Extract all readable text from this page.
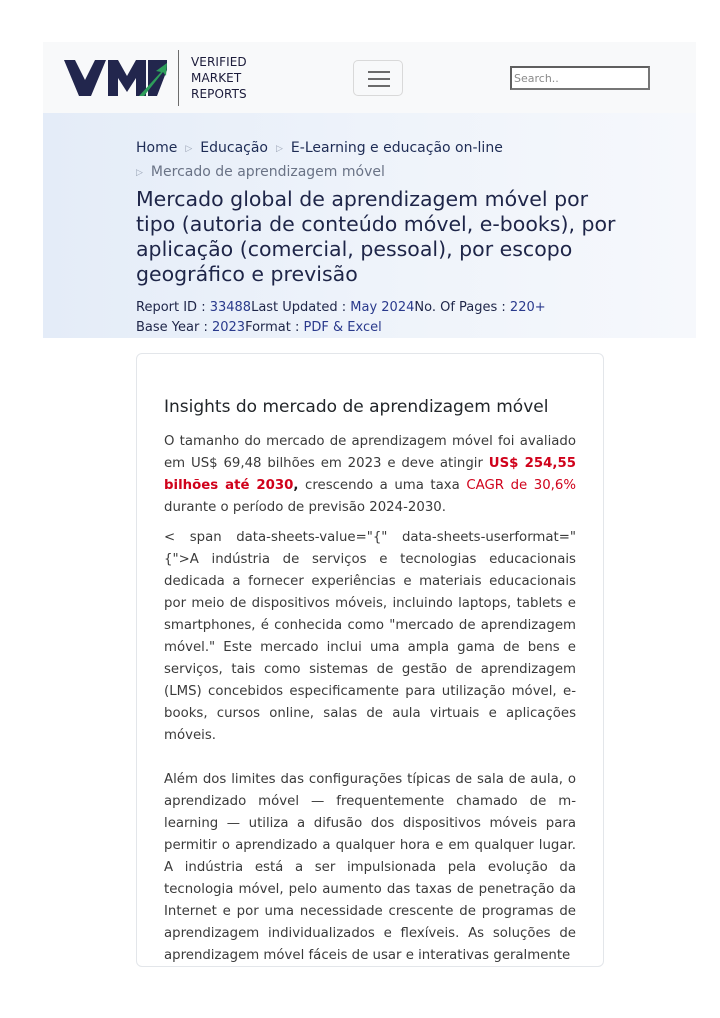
VERIFIED
MARKET
REPORTS
Search..
Home ▷ Educação ▷ E-Learning e educação on-line
▷ Mercado de aprendizagem móvel
Mercado global de aprendizagem móvel por tipo (autoria de conteúdo móvel, e-books), por aplicação (comercial, pessoal), por escopo geográfico e previsão
Report ID : 33488Last Updated : May 2024No. Of Pages : 220+
Base Year : 2023Format : PDF & Excel
Insights do mercado de aprendizagem móvel

O tamanho do mercado de aprendizagem móvel foi avaliado em US$ 69,48 bilhões em 2023 e deve atingir US$ 254,55 bilhões até 2030, crescendo a uma taxa CAGR de 30,6% durante o período de previsão 2024-2030.

< span data-sheets-value="{" data-sheets-userformat="{">A indústria de serviços e tecnologias educacionais dedicada a fornecer experiências e materiais educacionais por meio de dispositivos móveis, incluindo laptops, tablets e smartphones, é conhecida como "mercado de aprendizagem móvel." Este mercado inclui uma ampla gama de bens e serviços, tais como sistemas de gestão de aprendizagem (LMS) concebidos especificamente para utilização móvel, e-books, cursos online, salas de aula virtuais e aplicações móveis.

Além dos limites das configurações típicas de sala de aula, o aprendizado móvel — frequentemente chamado de m-learning — utiliza a difusão dos dispositivos móveis para permitir o aprendizado a qualquer hora e em qualquer lugar. A indústria está a ser impulsionada pela evolução da tecnologia móvel, pelo aumento das taxas de penetração da Internet e por uma necessidade crescente de programas de aprendizagem individualizados e flexíveis. As soluções de aprendizagem móvel fáceis de usar e interativas geralmente
